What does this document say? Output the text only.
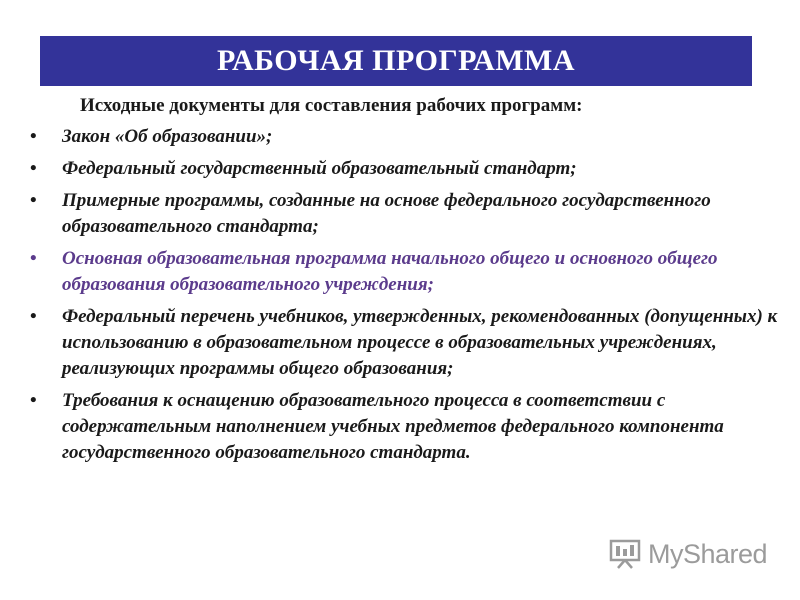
РАБОЧАЯ ПРОГРАММА
Исходные документы для составления рабочих программ:
• Закон «Об образовании»;
• Федеральный государственный образовательный стандарт;
• Примерные программы, созданные на основе федерального государственного образовательного стандарта;
• Основная образовательная программа начального общего и основного общего образования образовательного учреждения;
• Федеральный перечень учебников, утвержденных, рекомендованных (допущенных) к использованию в образовательном процессе в образовательных учреждениях, реализующих программы общего образования;
• Требования к оснащению образовательного процесса в соответствии с содержательным наполнением учебных предметов федерального компонента государственного образовательного стандарта.
MyShared
